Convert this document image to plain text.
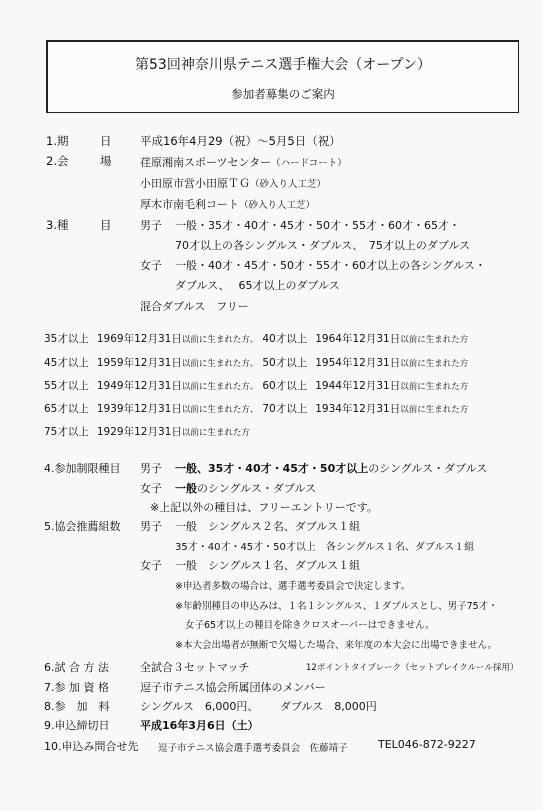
第53回神奈川県テニス選手権大会（オープン）
参加者募集のご案内
1.期	日 平成16年4月29（祝）～5月5日（祝）
2.会	場	荏原湘南スポーツセンター（ハードコート）
小田原市営小田原ＴＧ（砂入り人工芝）
厚木市南毛利コート（砂入り人工芝）
3.種	目	男子 一般・35才・40才・45才・50才・55才・60才・65才・
70才以上の各シングルス・ダブルス、　75才以上のダブルス
女子 一般・40才・45才・50才・55才・60才以上の各シングルス・
ダブルス、　 65才以上のダブルス
混合ダブルス　フリー
35才以上 1969年12月31日以前に生まれた方、 40才以上 1964年12月31日以前に生まれた方
45才以上 1959年12月31日以前に生まれた方、 50才以上 1954年12月31日以前に生まれた方
55才以上 1949年12月31日以前に生まれた方、 60才以上 1944年12月31日以前に生まれた方
65才以上 1939年12月31日以前に生まれた方、 70才以上 1934年12月31日以前に生まれた方
75才以上 1929年12月31日以前に生まれた方
4.参加制限種目 男子 一般、35才・40才・45才・50才以上のシングルス・ダブルス
女子 一般のシングルス・ダブルス
※上記以外の種目は、フリーエントリーです。
5.協会推薦組数 男子 一般　シングルス２名、ダブルス１組
35才・40才・45才・50才以上　各シングルス１名、ダブルス１組
女子 一般　シングルス１名、ダブルス１組
※申込者多数の場合は、選手選考委員会で決定します。
※年齢別種目の申込みは、１名１シングルス、１ダブルスとし、男子75才・
女子65才以上の種目を除きクロスオーバーはできません。
※本大会出場者が無断で欠場した場合、来年度の本大会に出場できません。
6.試 合 方 法	全試合３セットマッチ	12ポイントタイブレーク（セットブレイクルール採用）
7.参 加 資 格	逗子市テニス協会所属団体のメンバー
8.参　加　料	シングルス　6,000円、 ダブルス　8,000円
9.申込締切日	平成16年3月6日（土）
10.申込み問合せ先 逗子市テニス協会選手選考委員会　佐藤靖子	TEL046-872-9227
